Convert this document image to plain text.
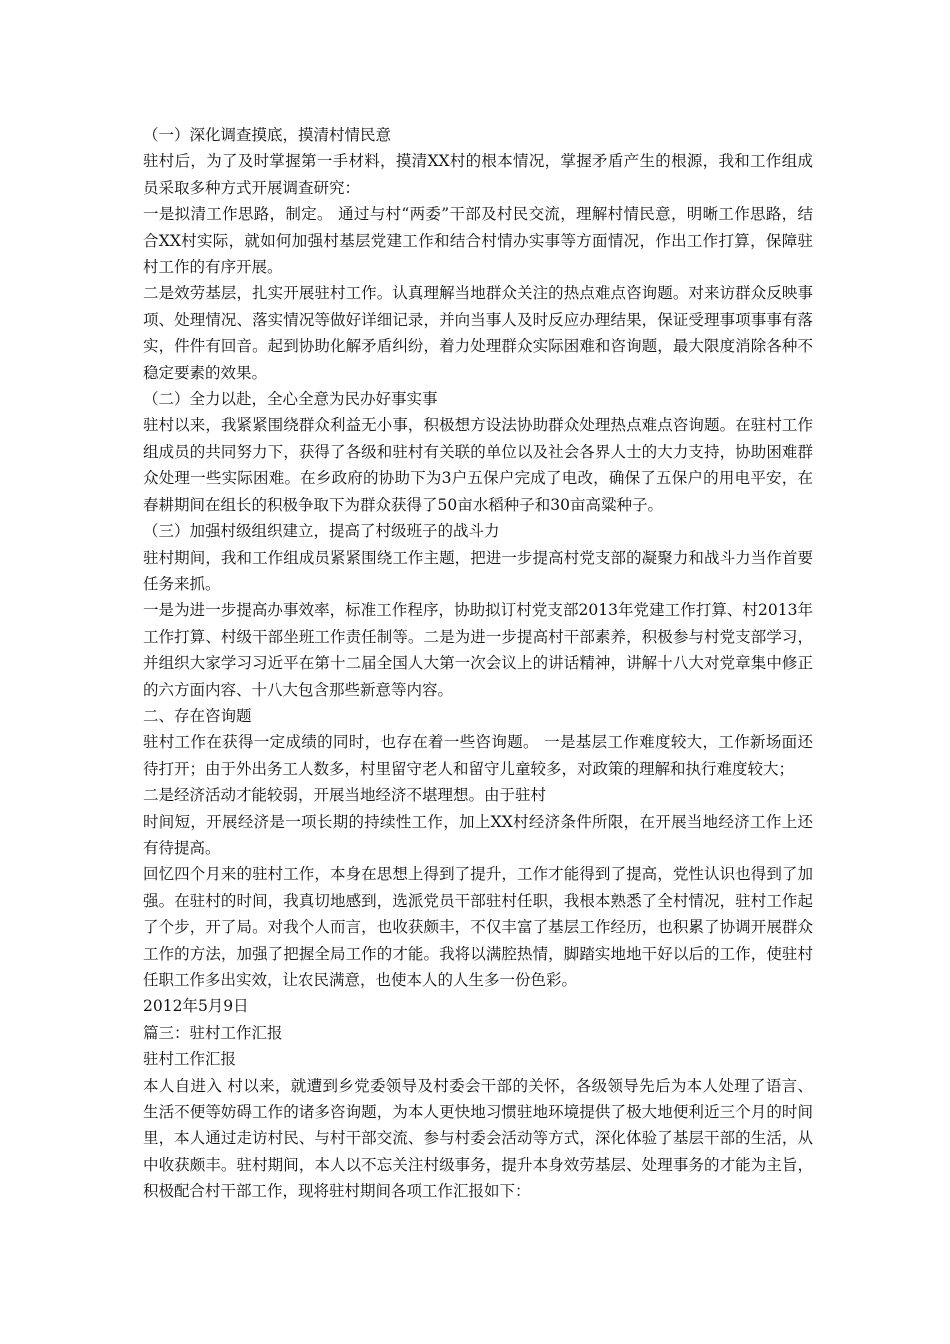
（一）深化调查摸底，摸清村情民意

驻村后，为了及时掌握第一手材料，摸清XX村的根本情况，掌握矛盾产生的根源，我和工作组成员采取多种方式开展调查研究：

一是拟清工作思路，制定。 通过与村“两委”干部及村民交流，理解村情民意，明晰工作思路，结合XX村实际，就如何加强村基层党建工作和结合村情办实事等方面情况，作出工作打算，保障驻村工作的有序开展。

二是效劳基层，扎实开展驻村工作。认真理解当地群众关注的热点难点咨询题。对来访群众反映事项、处理情况、落实情况等做好详细记录，并向当事人及时反应办理结果，保证受理事项事事有落实，件件有回音。起到协助化解矛盾纠纷，着力处理群众实际困难和咨询题，最大限度消除各种不稳定要素的效果。

（二）全力以赴，全心全意为民办好事实事

驻村以来，我紧紧围绕群众利益无小事，积极想方设法协助群众处理热点难点咨询题。在驻村工作组成员的共同努力下，获得了各级和驻村有关联的单位以及社会各界人士的大力支持，协助困难群众处理一些实际困难。在乡政府的协助下为3户五保户完成了电改，确保了五保户的用电平安，在春耕期间在组长的积极争取下为群众获得了50亩水稻种子和30亩高粱种子。

（三）加强村级组织建立，提高了村级班子的战斗力

驻村期间，我和工作组成员紧紧围绕工作主题，把进一步提高村党支部的凝聚力和战斗力当作首要任务来抓。

一是为进一步提高办事效率，标准工作程序，协助拟订村党支部2013年党建工作打算、村2013年工作打算、村级干部坐班工作责任制等。二是为进一步提高村干部素养，积极参与村党支部学习，并组织大家学习习近平在第十二届全国人大第一次会议上的讲话精神，讲解十八大对党章集中修正的六方面内容、十八大包含那些新意等内容。

二、存在咨询题

驻村工作在获得一定成绩的同时，也存在着一些咨询题。 一是基层工作难度较大，工作新场面还待打开；由于外出务工人数多，村里留守老人和留守儿童较多，对政策的理解和执行难度较大；

二是经济活动才能较弱，开展当地经济不堪理想。由于驻村

时间短，开展经济是一项长期的持续性工作，加上XX村经济条件所限，在开展当地经济工作上还有待提高。

回忆四个月来的驻村工作，本身在思想上得到了提升，工作才能得到了提高，党性认识也得到了加强。在驻村的时间，我真切地感到，选派党员干部驻村任职，我根本熟悉了全村情况，驻村工作起了个步，开了局。对我个人而言，也收获颇丰，不仅丰富了基层工作经历，也积累了协调开展群众工作的方法，加强了把握全局工作的才能。我将以满腔热情，脚踏实地地干好以后的工作，使驻村任职工作多出实效，让农民满意，也使本人的人生多一份色彩。

2012年5月9日

篇三：驻村工作汇报

驻村工作汇报

本人自进入 村以来，就遭到乡党委领导及村委会干部的关怀，各级领导先后为本人处理了语言、生活不便等妨碍工作的诸多咨询题，为本人更快地习惯驻地环境提供了极大地便利近三个月的时间里，本人通过走访村民、与村干部交流、参与村委会活动等方式，深化体验了基层干部的生活，从中收获颇丰。驻村期间，本人以不忘关注村级事务，提升本身效劳基层、处理事务的才能为主旨，积极配合村干部工作，现将驻村期间各项工作汇报如下：
